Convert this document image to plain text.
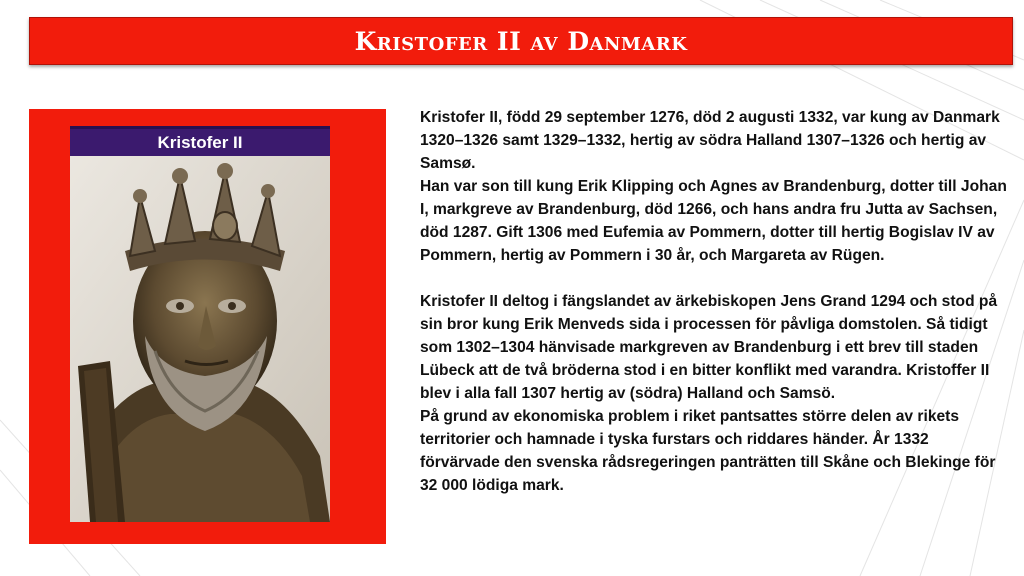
Kristofer II av Danmark
Kristofer II

Kristofer II, född 29 september 1276, död 2 augusti 1332, var kung av Danmark 1320–1326 samt 1329–1332, hertig av södra Halland 1307–1326 och hertig av Samsø.

Han var son till kung Erik Klipping och Agnes av Brandenburg, dotter till Johan I, markgreve av Brandenburg, död 1266, och hans andra fru Jutta av Sachsen, död 1287. Gift 1306 med Eufemia av Pommern, dotter till hertig Bogislav IV av Pommern, hertig av Pommern i 30 år, och Margareta av Rügen.

Kristofer II deltog i fängslandet av ärkebiskopen Jens Grand 1294 och stod på sin bror kung Erik Menveds sida i processen för påvliga domstolen. Så tidigt som 1302–1304 hänvisade markgreven av Brandenburg i ett brev till staden Lübeck att de två bröderna stod i en bitter konflikt med varandra. Kristoffer II blev i alla fall 1307 hertig av (södra) Halland och Samsö.

På grund av ekonomiska problem i riket pantsattes större delen av rikets territorier och hamnade i tyska furstars och riddares händer. År 1332 förvärvade den svenska rådsregeringen panträtten till Skåne och Blekinge för 32 000 lödiga mark.
